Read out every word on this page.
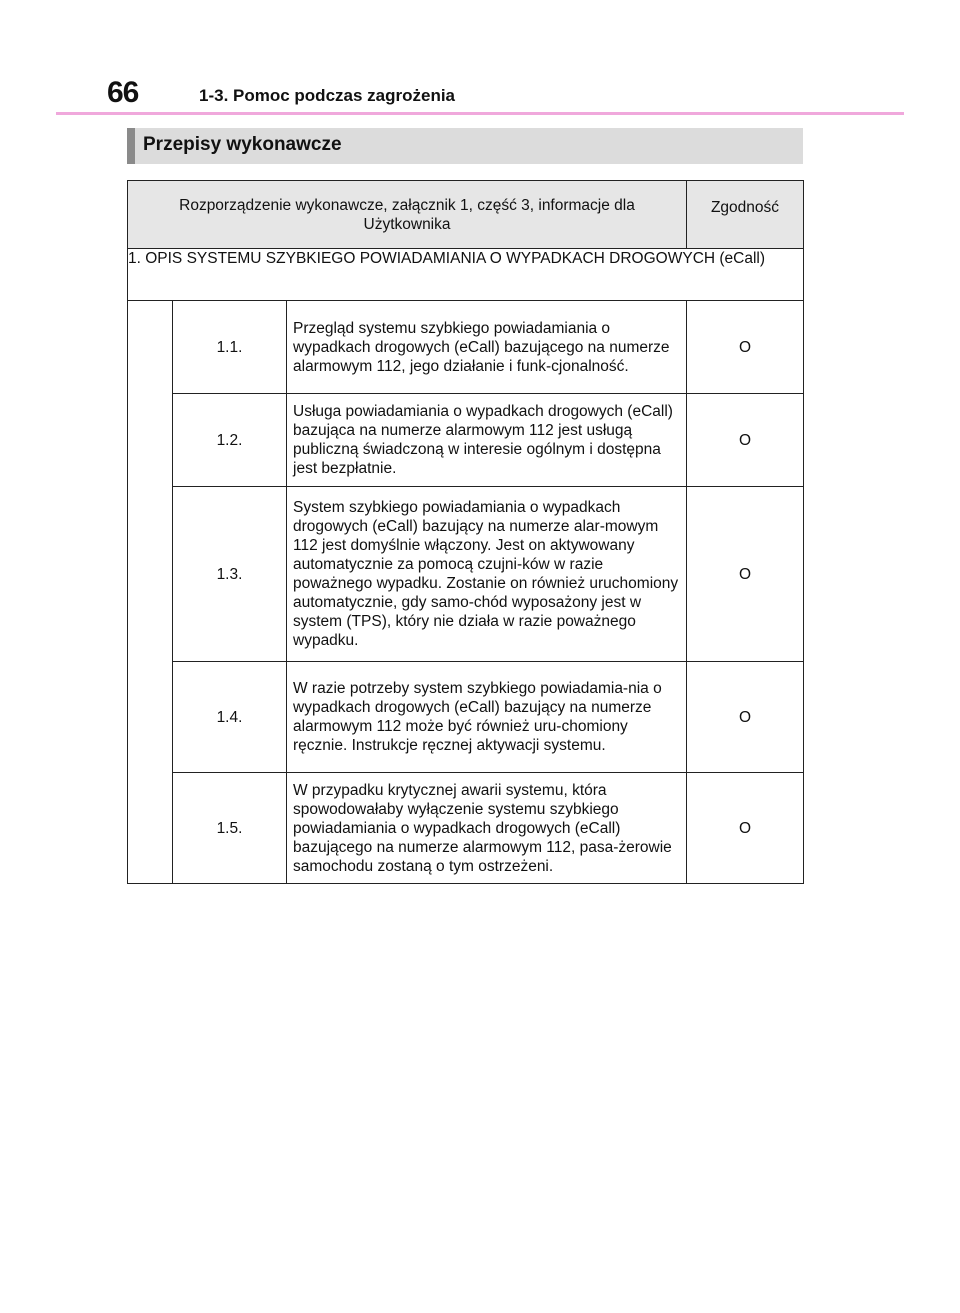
66	1-3. Pomoc podczas zagrożenia
Przepisy wykonawcze
Rozporządzenie wykonawcze, załącznik 1, część 3, informacje dla Użytkownika			Zgodność
1. OPIS SYSTEMU SZYBKIEGO POWIADAMIANIA O WYPADKACH DROGOWYCH (eCall)			
	1.1.	Przegląd systemu szybkiego powiadamiania o wypadkach drogowych (eCall) bazującego na numerze alarmowym 112, jego działanie i funk-cjonalność.	O
	1.2.	Usługa powiadamiania o wypadkach drogowych (eCall) bazująca na numerze alarmowym 112 jest usługą publiczną świadczoną w interesie ogólnym i dostępna jest bezpłatnie.	O
	1.3.	System szybkiego powiadamiania o wypadkach drogowych (eCall) bazujący na numerze alar-mowym 112 jest domyślnie włączony. Jest on aktywowany automatycznie za pomocą czujni-ków w razie poważnego wypadku. Zostanie on również uruchomiony automatycznie, gdy samo-chód wyposażony jest w system (TPS), który nie działa w razie poważnego wypadku.	O
	1.4.	W razie potrzeby system szybkiego powiadamia-nia o wypadkach drogowych (eCall) bazujący na numerze alarmowym 112 może być również uru-chomiony ręcznie. Instrukcje ręcznej aktywacji systemu.	O
	1.5.	W przypadku krytycznej awarii systemu, która spowodowałaby wyłączenie systemu szybkiego powiadamiania o wypadkach drogowych (eCall) bazującego na numerze alarmowym 112, pasa-żerowie samochodu zostaną o tym ostrzeżeni.	O
